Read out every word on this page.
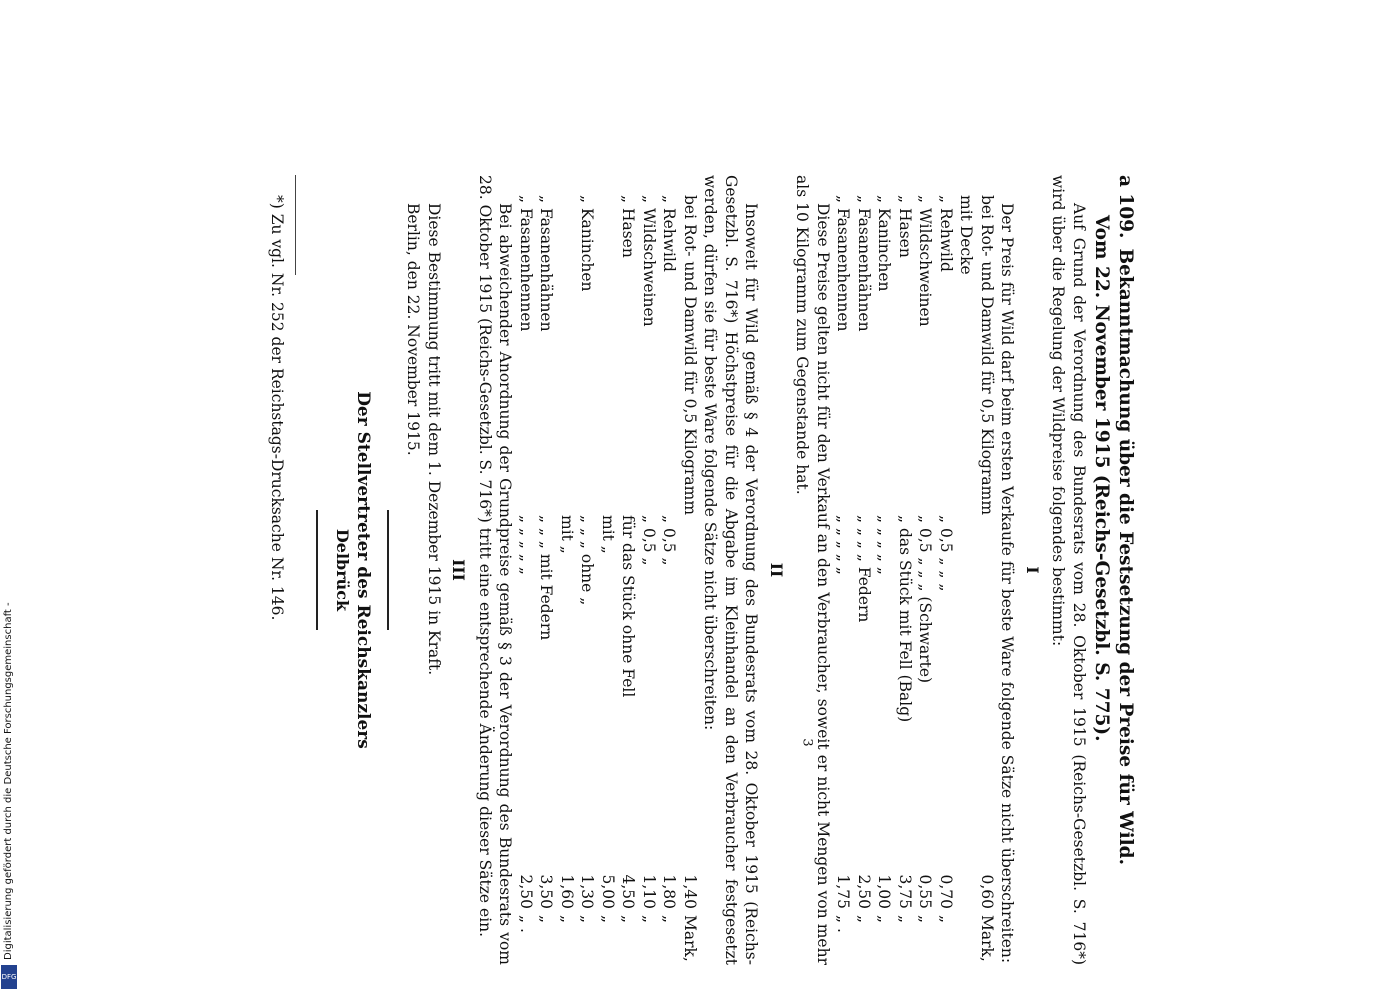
a 109.Bekanntmachung über die Festsetzung der Preise für Wild.
Vom 22. November 1915 (Reichs-Gesetzbl. S. 775).

Auf Grund der Verordnung des Bundesrats vom 28. Oktober 1915 (Reichs-Gesetzbl. S. 716*) wird über die Regelung der Wildpreise folgendes bestimmt:

I

Der Preis für Wild darf beim ersten Verkaufe für beste Ware folgende Sätze nicht überschreiten:

bei Rot- und Damwild für 0,5 Kilogramm mit Decke
0,60
Mark,
„ Rehwild
„ 0,5 „ „ „
0,70
„
„ Wildschweinen
„ 0,5 „ „ „ (Schwarte)
0,55
„
„ Hasen
„ das Stück mit Fell (Balg)
3,75
„
„ Kaninchen
„ „ „ „ „
1,00
„
„ Fasanenhähnen
„ „ „ „ Federn
2,50
„
„ Fasanenhennen
„ „ „ „ „
1,75
„ .

Diese Preise gelten nicht für den Verkauf an den Verbraucher, soweit er nicht Mengen von mehr als 10 Kilogramm zum Gegenstande hat.

II

Insoweit für Wild gemäß § 4 der Verordnung des Bundesrats vom 28. Oktober 1915 (Reichs-Gesetzbl. S. 716*) Höchstpreise für die Abgabe im Kleinhandel an den Verbraucher festgesetzt werden, dürfen sie für beste Ware folgende Sätze nicht überschreiten:

bei Rot- und Damwild für 0,5 Kilogramm
1,40
Mark,
„ Rehwild
„ 0,5 „
1,80
„
„ Wildschweinen
„ 0,5 „
1,10
„
„ Hasen
für das Stück ohne Fell
4,50
„
mit „
5,00
„
„ Kaninchen
„ „ „ ohne „
1,30
„
mit „
1,60
„
„ Fasanenhähnen
„ „ „ mit Federn
3,50
„
„ Fasanenhennen
„ „ „ „ „
2,50
„ .

Bei abweichender Anordnung der Grundpreise gemäß § 3 der Verordnung des Bundesrats vom 28. Oktober 1915 (Reichs-Gesetzbl. S. 716*) tritt eine entsprechende Änderung dieser Sätze ein.

III

Diese Bestimmung tritt mit dem 1. Dezember 1915 in Kraft.

Berlin, den 22. November 1915.

Der Stellvertreter des Reichskanzlers
Delbrück
*) Zu vgl. Nr. 252 der Reichstags-Drucksache Nr. 146.
3
Digitalisierung gefördert durch die Deutsche Forschungsgemeinschaft -
DFG
